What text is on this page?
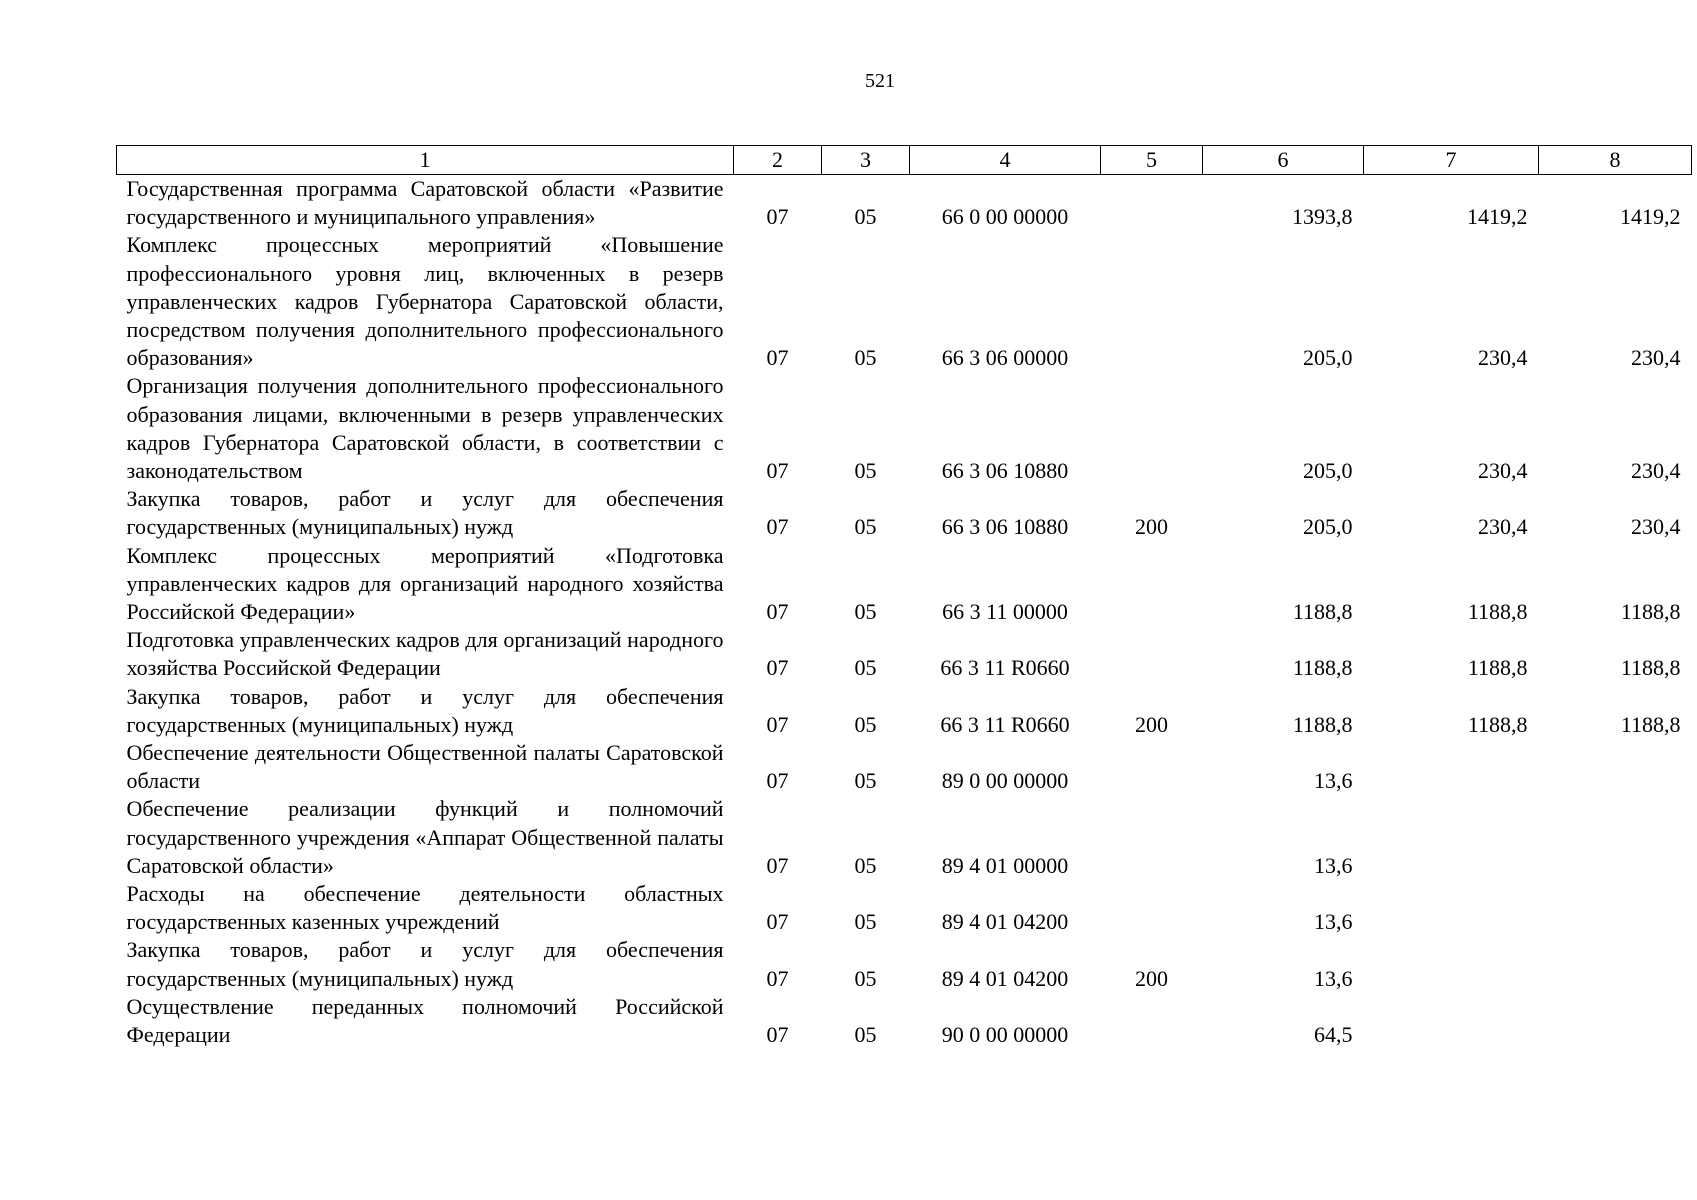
521
1	2	3	4	5	6	7	8
Государственная программа Саратовской области «Развитие государственного и муниципального управления»	07	05	66 0 00 00000		1393,8	1419,2	1419,2
Комплекс процессных мероприятий «Повышение профессионального уровня лиц, включенных в резерв управленческих кадров Губернатора Саратовской области, посредством получения дополнительного профессионального образования»	07	05	66 3 06 00000		205,0	230,4	230,4
Организация получения дополнительного профессионального образования лицами, включенными в резерв управленческих кадров Губернатора Саратовской области, в соответствии с законодательством	07	05	66 3 06 10880		205,0	230,4	230,4
Закупка товаров, работ и услуг для обеспечения государственных (муниципальных) нужд	07	05	66 3 06 10880	200	205,0	230,4	230,4
Комплекс процессных мероприятий «Подготовка управленческих кадров для организаций народного хозяйства Российской Федерации»	07	05	66 3 11 00000		1188,8	1188,8	1188,8
Подготовка управленческих кадров для организаций народного хозяйства Российской Федерации	07	05	66 3 11 R0660		1188,8	1188,8	1188,8
Закупка товаров, работ и услуг для обеспечения государственных (муниципальных) нужд	07	05	66 3 11 R0660	200	1188,8	1188,8	1188,8
Обеспечение деятельности Общественной палаты Саратовской области	07	05	89 0 00 00000		13,6		
Обеспечение реализации функций и полномочий государственного учреждения «Аппарат Общественной палаты Саратовской области»	07	05	89 4 01 00000		13,6		
Расходы на обеспечение деятельности областных государственных казенных учреждений	07	05	89 4 01 04200		13,6		
Закупка товаров, работ и услуг для обеспечения государственных (муниципальных) нужд	07	05	89 4 01 04200	200	13,6		
Осуществление переданных полномочий Российской Федерации	07	05	90 0 00 00000		64,5		
